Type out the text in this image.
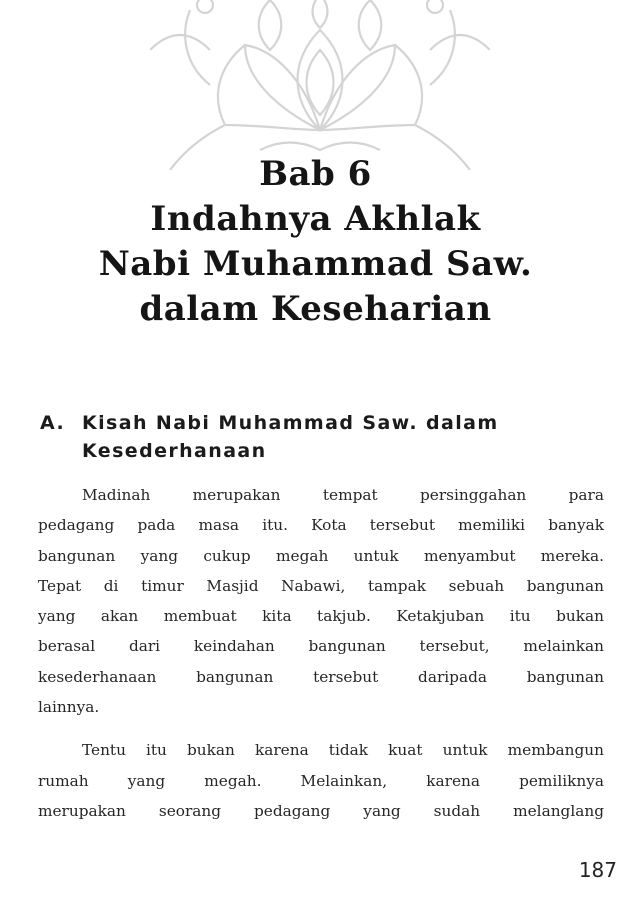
Bab 6
Indahnya Akhlak
Nabi Muhammad Saw.
dalam Keseharian
A. Kisah Nabi Muhammad Saw. dalam Kesederhanaan

Madinah merupakan tempat persinggahan para

pedagang pada masa itu. Kota tersebut memiliki banyak

bangunan yang cukup megah untuk menyambut mereka.

Tepat di timur Masjid Nabawi, tampak sebuah bangunan

yang akan membuat kita takjub. Ketakjuban itu bukan

berasal dari keindahan bangunan tersebut, melainkan

kesederhanaan bangunan tersebut daripada bangunan

lainnya.

Tentu itu bukan karena tidak kuat untuk membangun

rumah yang megah. Melainkan, karena pemiliknya

merupakan seorang pedagang yang sudah melanglang

187
